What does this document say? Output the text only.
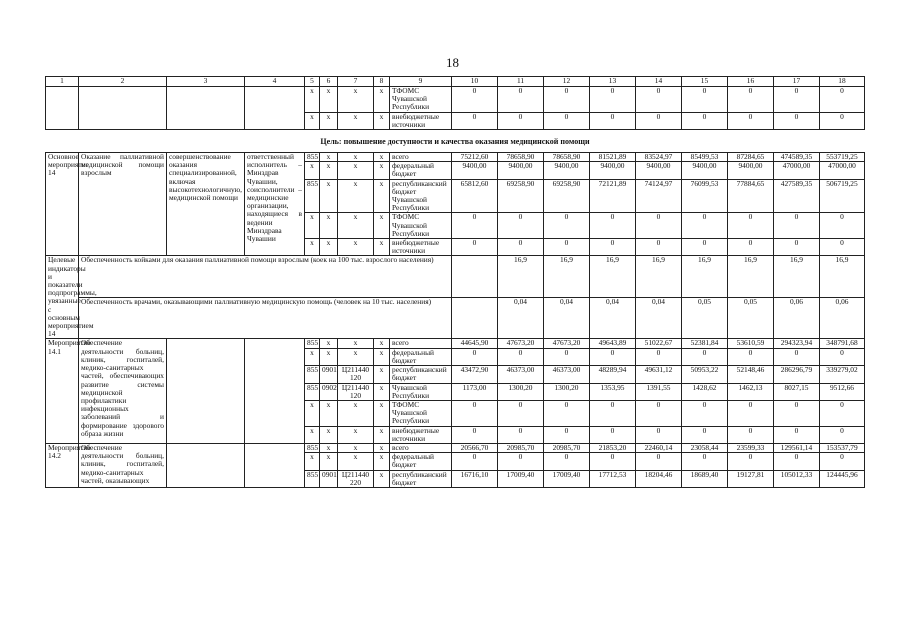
18
1	2	3	4	5	6	7	8	9	10	11	12	13	14	15	16	17	18	
				x	x	x	x	ТФОМС Чувашской Республики	0	0	0	0	0	0	0	0	0	
				x	x	x	x	внебюджетные источники	0	0	0	0	0	0	0	0	0	
Цель: повышение доступности и качества оказания медицинской помощи																		
Основное мероприятие 14	Оказание паллиативной медицинской помощи взрослым	совершенствование оказания специализированной, включая высокотехнологичную, медицинской помощи	ответственный исполнитель – Минздрав Чувашии, соисполнители – медицинские организации, находящиеся в ведении Минздрава Чувашии	855	x	x	x	всего	75212,60	78658,90	78658,90	81521,89	83524,97	85499,53	87284,65	474589,35	553719,25	
				x	x	x	x	федеральный бюджет	9400,00	9400,00	9400,00	9400,00	9400,00	9400,00	9400,00	47000,00	47000,00	
				855	x	x	x	республиканский бюджет Чувашской Республики	65812,60	69258,90	69258,90	72121,89	74124,97	76099,53	77884,65	427589,35	506719,25	
				x	x	x	x	ТФОМС Чувашской Республики	0	0	0	0	0	0	0	0	0	
				x	x	x	x	внебюджетные источники	0	0	0	0	0	0	0	0	0	
Целевые индикаторы и показатели подпрограммы, увязанные с основным мероприятием 14	Обеспеченность койками для оказания паллиативной помощи взрослым (коек на 100 тыс. взрослого населения)									16,9	16,9	16,9	16,9	16,9	16,9	16,9	16,9	
	Обеспеченность врачами, оказывающими паллиативную медицинскую помощь (человек на 10 тыс. населения)									0,04	0,04	0,04	0,04	0,05	0,05	0,06	0,06	
Мероприятие 14.1	Обеспечение деятельности больниц, клиник, госпиталей, медико-санитарных частей, обеспечивающих развитие системы медицинской профилактики инфекционных заболеваний и формирование здорового образа жизни			855	x	x	x	всего	44645,90	47673,20	47673,20	49643,89	51022,67	52381,84	53610,59	294323,94	348791,68	
				x	x	x	x	федеральный бюджет	0	0	0	0	0	0	0	0	0	
				855	0901	Ц211440 120	x	республиканский бюджет	43472,90	46373,00	46373,00	48289,94	49631,12	50953,22	52148,46	286296,79	339279,02	
				855	0902	Ц211440 120	x	Чувашской Республики	1173,00	1300,20	1300,20	1353,95	1391,55	1428,62	1462,13	8027,15	9512,66	
				x	x	x	x	ТФОМС Чувашской Республики	0	0	0	0	0	0	0	0	0	
				x	x	x	x	внебюджетные источники	0	0	0	0	0	0	0	0	0	
Мероприятие 14.2	Обеспечение деятельности больниц, клиник, госпиталей, медико-санитарных частей, оказывающих			855	x	x	x	всего	20566,70	20985,70	20985,70	21853,20	22460,14	23058,44	23599,33	129561,14	153537,79	
				x	x	x	x	федеральный бюджет	0	0	0	0	0	0	0	0	0	
				855	0901	Ц211440 220	x	республиканский бюджет	16716,10	17009,40	17009,40	17712,53	18204,46	18689,40	19127,81	105012,33	124445,96	
